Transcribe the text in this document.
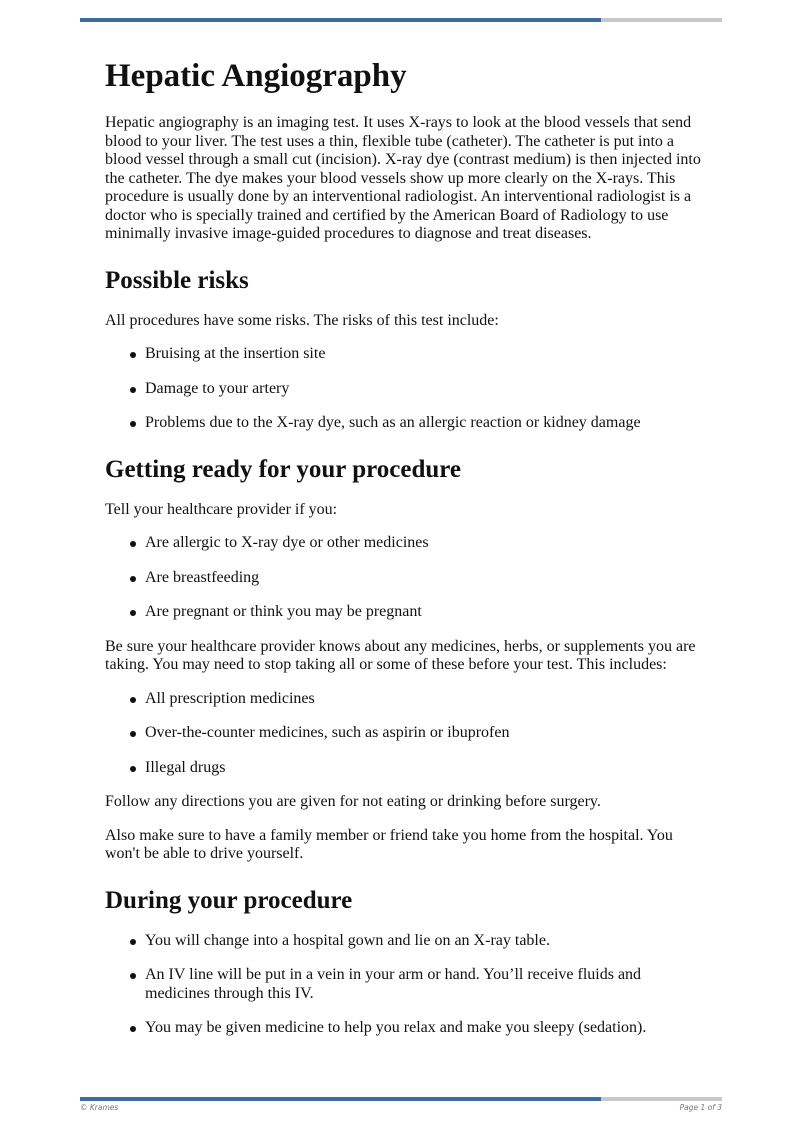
Hepatic Angiography

Hepatic angiography is an imaging test. It uses X-rays to look at the blood vessels that send blood to your liver. The test uses a thin, flexible tube (catheter). The catheter is put into a blood vessel through a small cut (incision). X-ray dye (contrast medium) is then injected into the catheter. The dye makes your blood vessels show up more clearly on the X-rays. This procedure is usually done by an interventional radiologist. An interventional radiologist is a doctor who is specially trained and certified by the American Board of Radiology to use minimally invasive image-guided procedures to diagnose and treat diseases.

Possible risks

All procedures have some risks. The risks of this test include:

Bruising at the insertion site
Damage to your artery
Problems due to the X-ray dye, such as an allergic reaction or kidney damage
Getting ready for your procedure

Tell your healthcare provider if you:

Are allergic to X-ray dye or other medicines
Are breastfeeding
Are pregnant or think you may be pregnant

Be sure your healthcare provider knows about any medicines, herbs, or supplements you are taking. You may need to stop taking all or some of these before your test. This includes:

All prescription medicines
Over-the-counter medicines, such as aspirin or ibuprofen
Illegal drugs

Follow any directions you are given for not eating or drinking before surgery.

Also make sure to have a family member or friend take you home from the hospital. You won't be able to drive yourself.

During your procedure
You will change into a hospital gown and lie on an X-ray table.
An IV line will be put in a vein in your arm or hand. You’ll receive fluids and medicines through this IV.
You may be given medicine to help you relax and make you sleepy (sedation).
© Krames	Page 1 of 3
